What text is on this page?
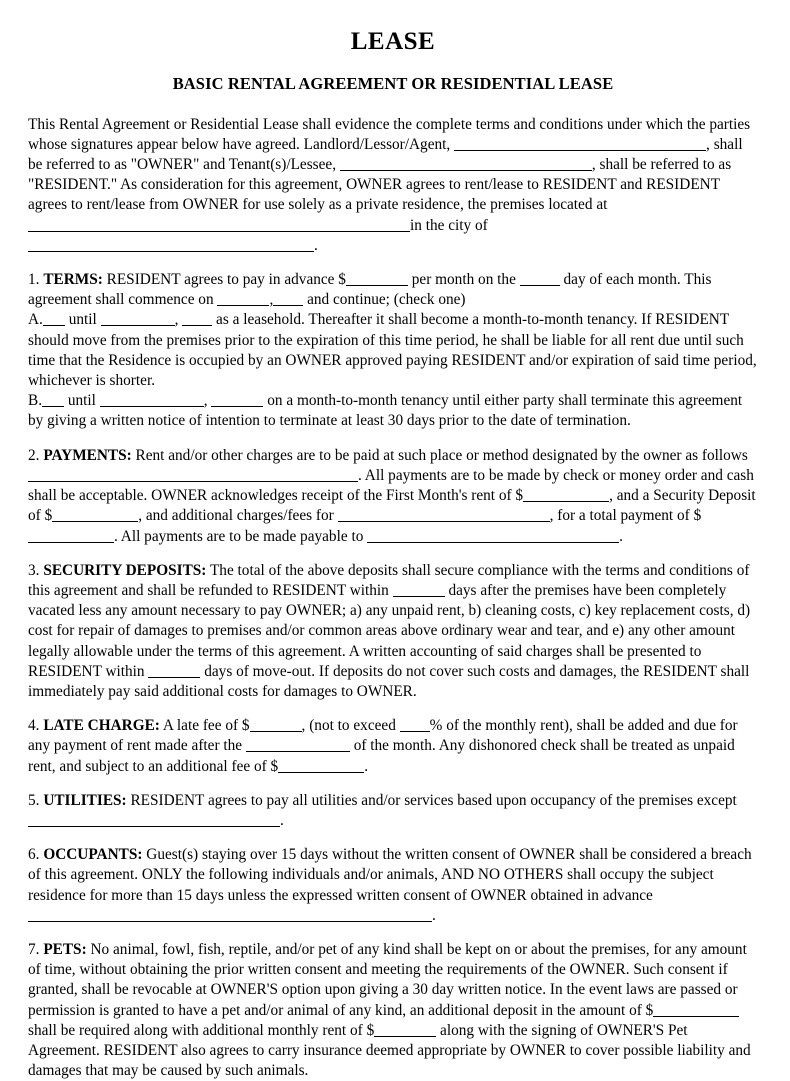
LEASE
BASIC RENTAL AGREEMENT OR RESIDENTIAL LEASE

This Rental Agreement or Residential Lease shall evidence the complete terms and conditions under which the parties whose signatures appear below have agreed. Landlord/Lessor/Agent,	, shall be referred to as "OWNER" and Tenant(s)/Lessee,	, shall be referred to as "RESIDENT." As consideration for this agreement, OWNER agrees to rent/lease to RESIDENT and RESIDENT agrees to rent/lease from OWNER for use solely as a private residence, the premises located at
in the city of .

1. TERMS: RESIDENT agrees to pay in advance $	per month on the	day of each month. This agreement shall commence on	, and continue; (check one)
A. until	,  as a leasehold. Thereafter it shall become a month-to-month tenancy. If RESIDENT should move from the premises prior to the expiration of this time period, he shall be liable for all rent due until such time that the Residence is occupied by an OWNER approved paying RESIDENT and/or expiration of said time period, whichever is shorter.
B. until	,	on a month-to-month tenancy until either party shall terminate this agreement by giving a written notice of intention to terminate at least 30 days prior to the date of termination.

2. PAYMENTS: Rent and/or other charges are to be paid at such place or method designated by the owner as follows
. All payments are to be made by check or money order and cash shall be acceptable. OWNER acknowledges receipt of the First Month's rent of $	, and a Security Deposit of $	, and additional charges/fees for	, for a total payment of $. All payments are to be made payable to	.

3. SECURITY DEPOSITS: The total of the above deposits shall secure compliance with the terms and conditions of this agreement and shall be refunded to RESIDENT within	days after the premises have been completely vacated less any amount necessary to pay OWNER; a) any unpaid rent, b) cleaning costs, c) key replacement costs, d) cost for repair of damages to premises and/or common areas above ordinary wear and tear, and e) any other amount legally allowable under the terms of this agreement. A written accounting of said charges shall be presented to RESIDENT within	days of move-out. If deposits do not cover such costs and damages, the RESIDENT shall immediately pay said additional costs for damages to OWNER.

4. LATE CHARGE: A late fee of $	, (not to exceed % of the monthly rent), shall be added and due for any payment of rent made after the	of the month. Any dishonored check shall be treated as unpaid rent, and subject to an additional fee of $	.

5. UTILITIES: RESIDENT agrees to pay all utilities and/or services based upon occupancy of the premises except
.

6. OCCUPANTS: Guest(s) staying over 15 days without the written consent of OWNER shall be considered a breach of this agreement. ONLY the following individuals and/or animals, AND NO OTHERS shall occupy the subject residence for more than 15 days unless the expressed written consent of OWNER obtained in advance
.

7. PETS: No animal, fowl, fish, reptile, and/or pet of any kind shall be kept on or about the premises, for any amount of time, without obtaining the prior written consent and meeting the requirements of the OWNER. Such consent if granted, shall be revocable at OWNER'S option upon giving a 30 day written notice. In the event laws are passed or permission is granted to have a pet and/or animal of any kind, an additional deposit in the amount of $
shall be required along with additional monthly rent of $	along with the signing of OWNER'S Pet Agreement. RESIDENT also agrees to carry insurance deemed appropriate by OWNER to cover possible liability and damages that may be caused by such animals.
